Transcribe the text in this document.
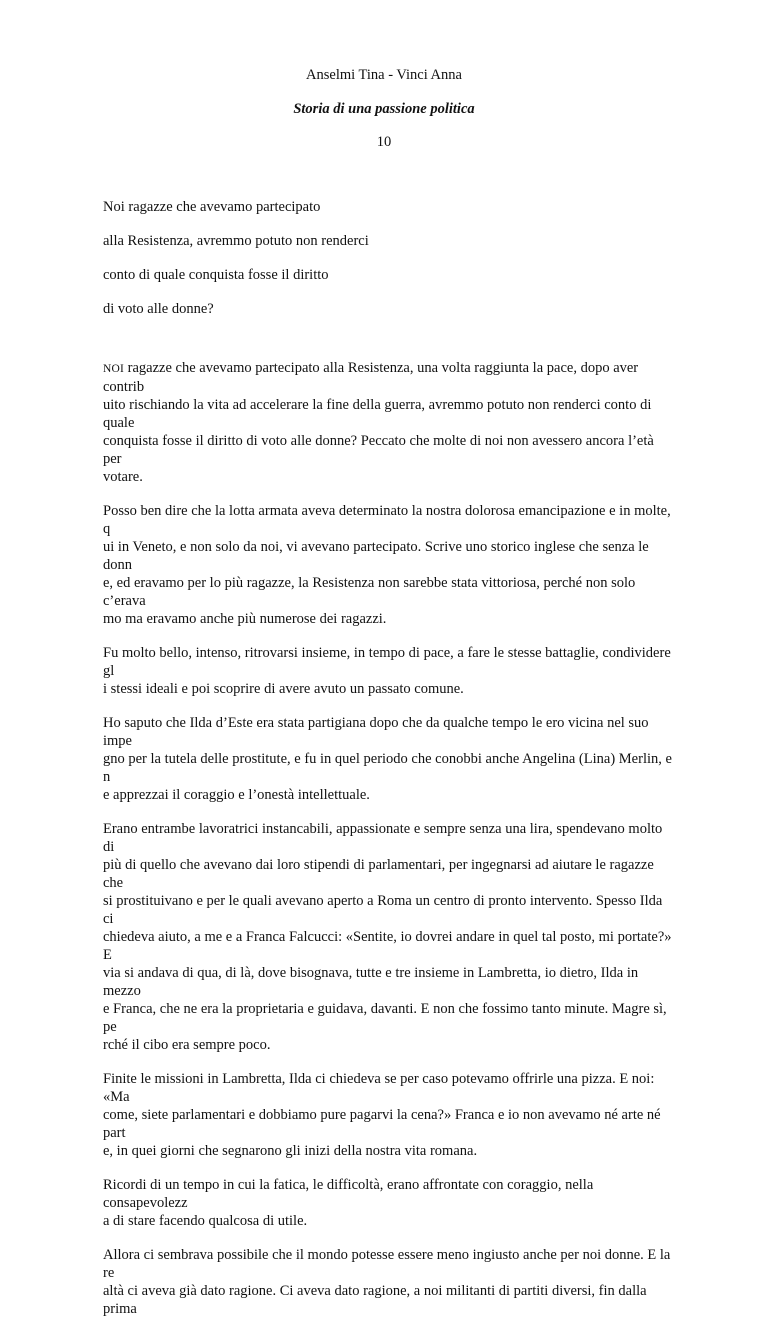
Anselmi Tina - Vinci Anna
Storia di una passione politica
10
Noi ragazze che avevamo partecipato
alla Resistenza, avremmo potuto non renderci
conto di quale conquista fosse il diritto
di voto alle donne?

NOI ragazze che avevamo partecipato alla Resistenza, una volta raggiunta la pace, dopo aver contrib
uito rischiando la vita ad accelerare la fine della guerra, avremmo potuto non renderci conto di quale
conquista fosse il diritto di voto alle donne? Peccato che molte di noi non avessero ancora l’età per
votare.

Posso ben dire che la lotta armata aveva determinato la nostra dolorosa emancipazione e in molte, q
ui in Veneto, e non solo da noi, vi avevano partecipato. Scrive uno storico inglese che senza le donn
e, ed eravamo per lo più ragazze, la Resistenza non sarebbe stata vittoriosa, perché non solo c’erava
mo ma eravamo anche più numerose dei ragazzi.

Fu molto bello, intenso, ritrovarsi insieme, in tempo di pace, a fare le stesse battaglie, condividere gl
i stessi ideali e poi scoprire di avere avuto un passato comune.

Ho saputo che Ilda d’Este era stata partigiana dopo che da qualche tempo le ero vicina nel suo impe
gno per la tutela delle prostitute, e fu in quel periodo che conobbi anche Angelina (Lina) Merlin, e n
e apprezzai il coraggio e l’onestà intellettuale.

Erano entrambe lavoratrici instancabili, appassionate e sempre senza una lira, spendevano molto di
più di quello che avevano dai loro stipendi di parlamentari, per ingegnarsi ad aiutare le ragazze che
si prostituivano e per le quali avevano aperto a Roma un centro di pronto intervento. Spesso Ilda ci
chiedeva aiuto, a me e a Franca Falcucci: «Sentite, io dovrei andare in quel tal posto, mi portate?» E
via si andava di qua, di là, dove bisognava, tutte e tre insieme in Lambretta, io dietro, Ilda in mezzo
e Franca, che ne era la proprietaria e guidava, davanti. E non che fossimo tanto minute. Magre sì, pe
rché il cibo era sempre poco.

Finite le missioni in Lambretta, Ilda ci chiedeva se per caso potevamo offrirle una pizza. E noi: «Ma
come, siete parlamentari e dobbiamo pure pagarvi la cena?» Franca e io non avevamo né arte né part
e, in quei giorni che segnarono gli inizi della nostra vita romana.

Ricordi di un tempo in cui la fatica, le difficoltà, erano affrontate con coraggio, nella consapevolezz
a di stare facendo qualcosa di utile.

Allora ci sembrava possibile che il mondo potesse essere meno ingiusto anche per noi donne. E la re
altà ci aveva già dato ragione. Ci aveva dato ragione, a noi militanti di partiti diversi, fin dalla prima
